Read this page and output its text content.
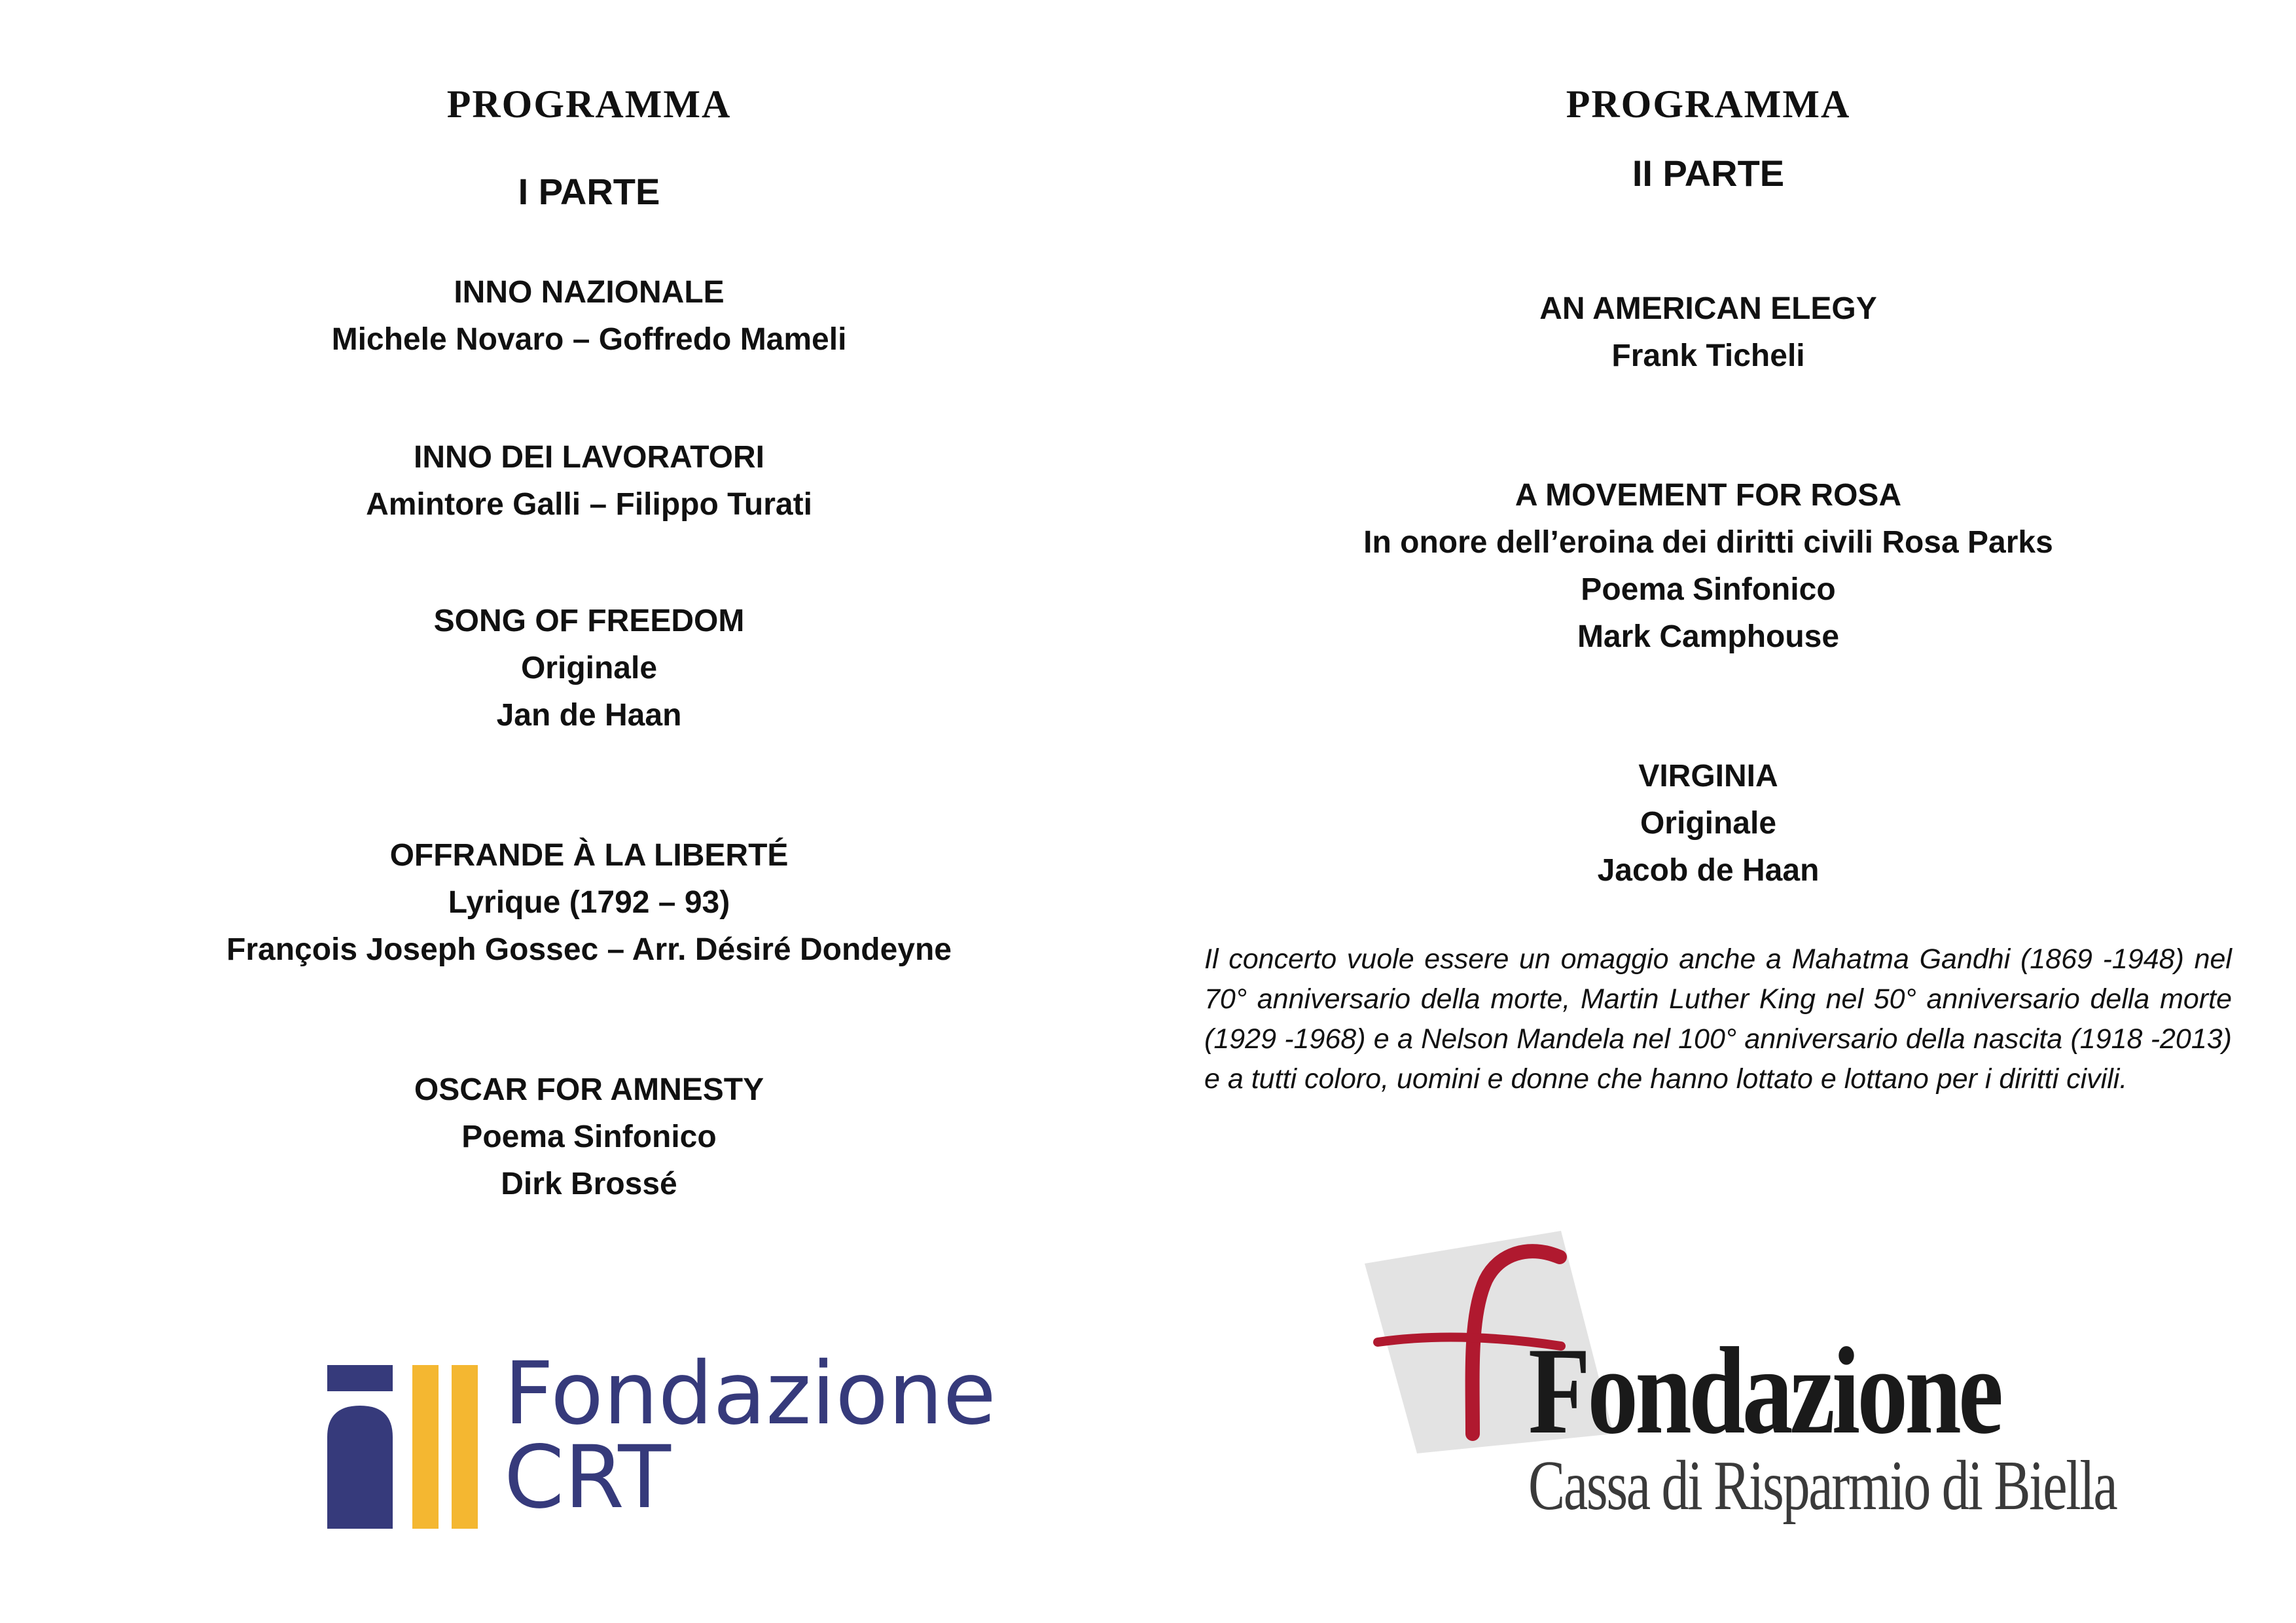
PROGRAMMA
I PARTE
INNO NAZIONALE
Michele Novaro – Goffredo Mameli
INNO DEI LAVORATORI
Amintore Galli – Filippo Turati
SONG OF FREEDOM
Originale
Jan de Haan
OFFRANDE À LA LIBERTÉ
Lyrique (1792 – 93)
François Joseph Gossec – Arr. Désiré Dondeyne
OSCAR FOR AMNESTY
Poema Sinfonico
Dirk Brossé
Fondazione
CRT
PROGRAMMA
II PARTE
AN AMERICAN ELEGY
Frank Ticheli
A MOVEMENT FOR ROSA
In onore dell’eroina dei diritti civili Rosa Parks
Poema Sinfonico
Mark Camphouse
VIRGINIA
Originale
Jacob de Haan
Il concerto vuole essere un omaggio anche a Mahatma Gandhi (1869 -1948) nel 70° anniversario della morte, Martin Luther King nel 50° anniversario della morte (1929 -1968) e a Nelson Mandela nel 100° anniversario della nascita (1918 -2013) e a tutti coloro, uomini e donne che hanno lottato e lottano per i diritti civili.
Fondazione
Cassa di Risparmio di Biella
